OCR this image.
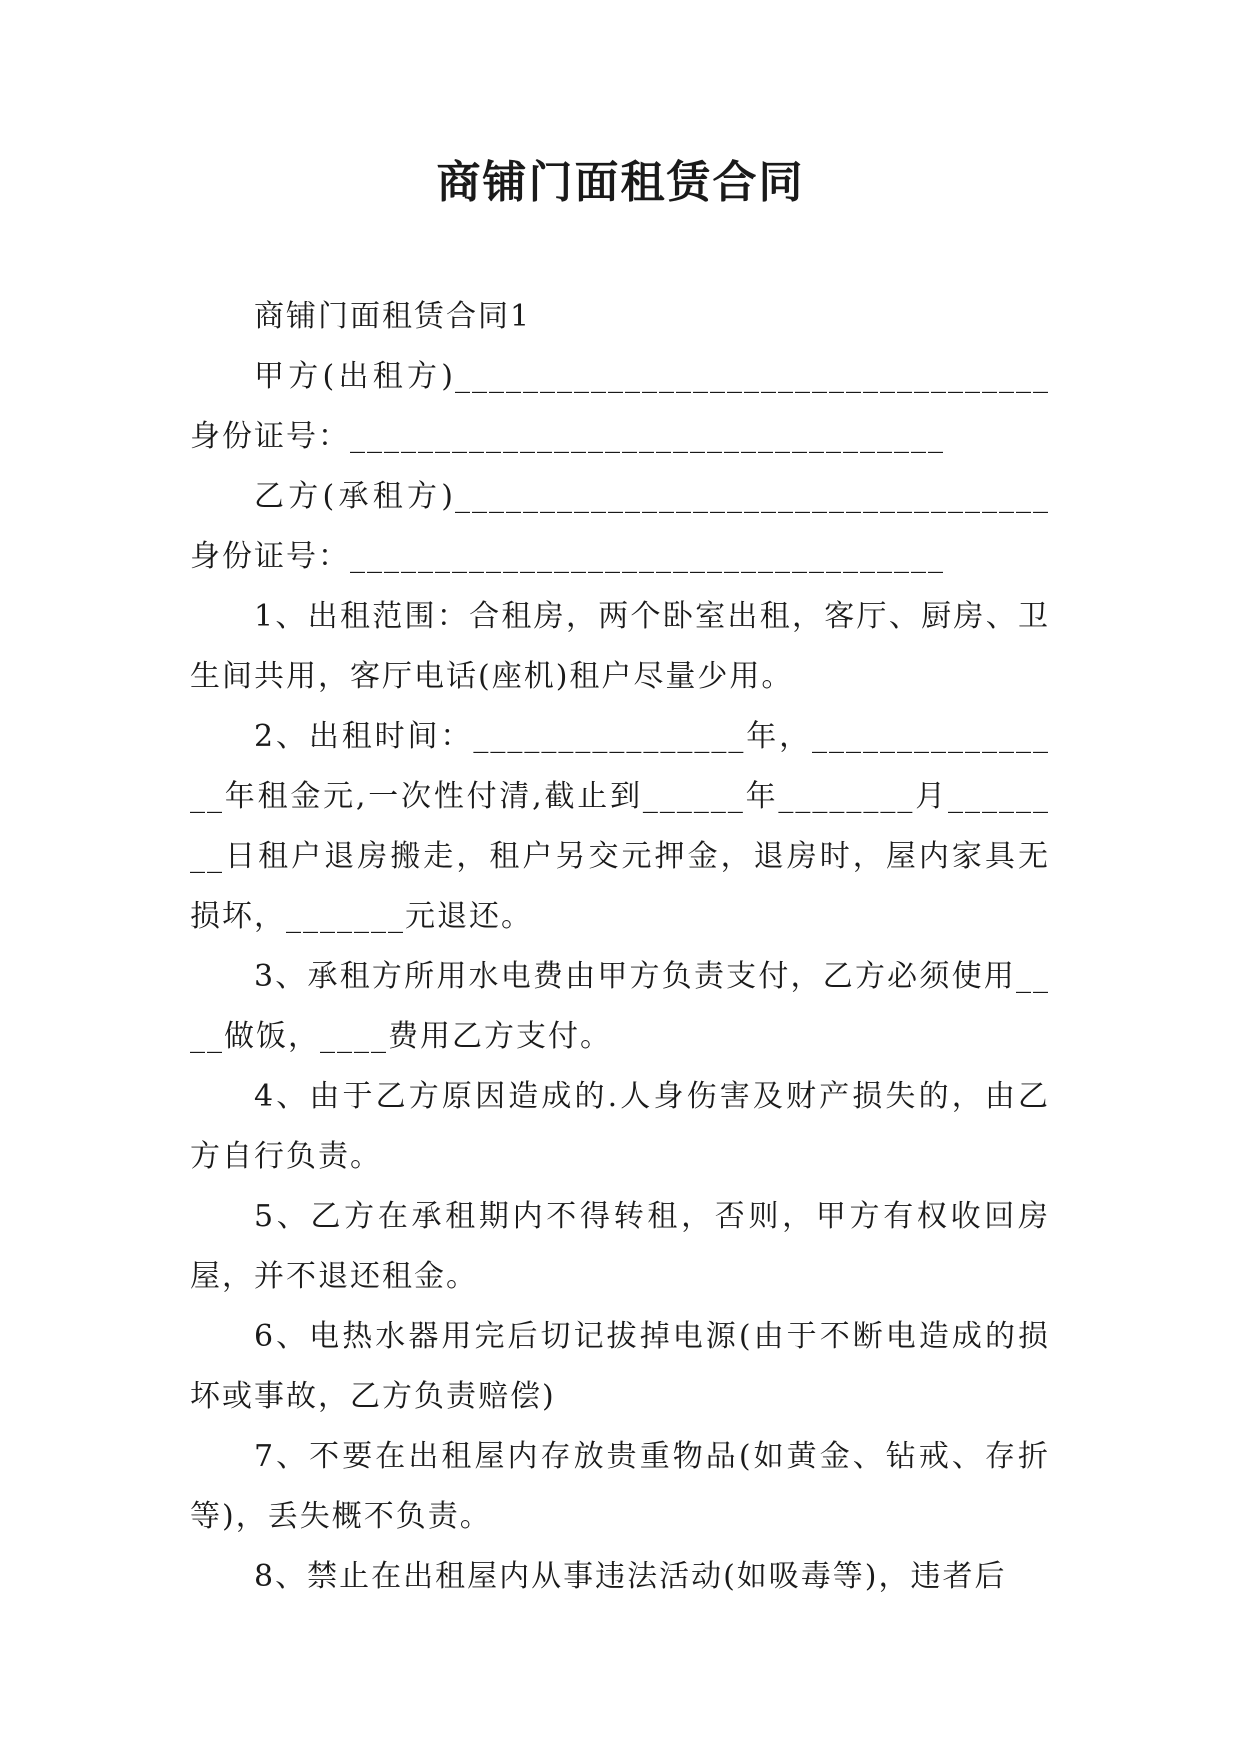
商铺门面租赁合同

商铺门面租赁合同1

甲方(出租方)___________________________________身份证号：___________________________________

乙方(承租方)___________________________________身份证号：___________________________________

1、出租范围：合租房，两个卧室出租，客厅、厨房、卫生间共用，客厅电话(座机)租户尽量少用。

2、出租时间：________________年，________________年租金元,一次性付清,截止到______年________月________日租户退房搬走，租户另交元押金，退房时，屋内家具无损坏，_______元退还。

3、承租方所用水电费由甲方负责支付，乙方必须使用____做饭，____费用乙方支付。

4、由于乙方原因造成的.人身伤害及财产损失的，由乙方自行负责。

5、乙方在承租期内不得转租，否则，甲方有权收回房屋，并不退还租金。

6、电热水器用完后切记拔掉电源(由于不断电造成的损坏或事故，乙方负责赔偿)

7、不要在出租屋内存放贵重物品(如黄金、钻戒、存折等)，丢失概不负责。

8、禁止在出租屋内从事违法活动(如吸毒等)，违者后
